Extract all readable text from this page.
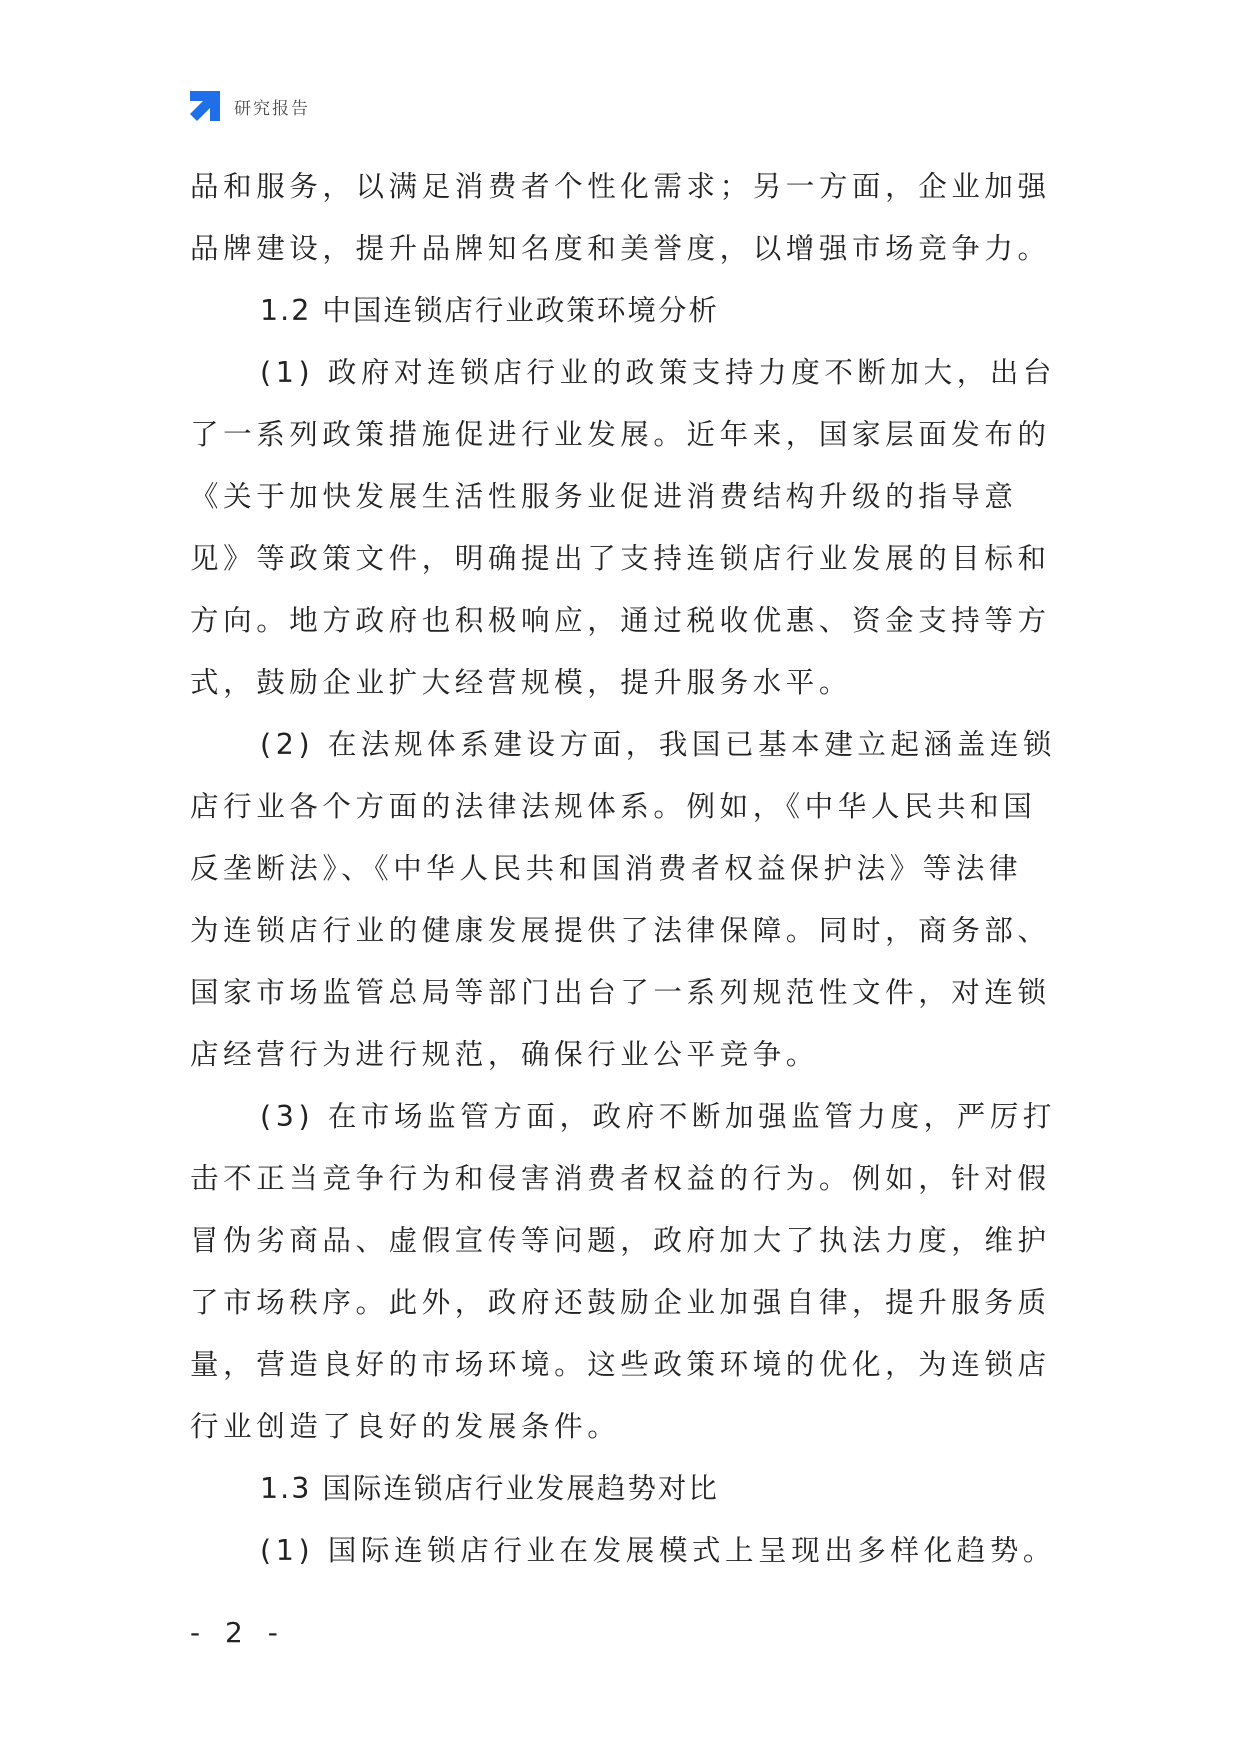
研究报告
品和服务，以满足消费者个性化需求；另一方面，企业加强
品牌建设，提升品牌知名度和美誉度，以增强市场竞争力。
1.2 中国连锁店行业政策环境分析
(1) 政府对连锁店行业的政策支持力度不断加大，出台
了一系列政策措施促进行业发展。近年来，国家层面发布的
《关于加快发展生活性服务业促进消费结构升级的指导意
见》等政策文件，明确提出了支持连锁店行业发展的目标和
方向。地方政府也积极响应，通过税收优惠、资金支持等方
式，鼓励企业扩大经营规模，提升服务水平。
(2) 在法规体系建设方面，我国已基本建立起涵盖连锁
店行业各个方面的法律法规体系。例如，《中华人民共和国
反垄断法》、《中华人民共和国消费者权益保护法》等法律
为连锁店行业的健康发展提供了法律保障。同时，商务部、
国家市场监管总局等部门出台了一系列规范性文件，对连锁
店经营行为进行规范，确保行业公平竞争。
(3) 在市场监管方面，政府不断加强监管力度，严厉打
击不正当竞争行为和侵害消费者权益的行为。例如，针对假
冒伪劣商品、虚假宣传等问题，政府加大了执法力度，维护
了市场秩序。此外，政府还鼓励企业加强自律，提升服务质
量，营造良好的市场环境。这些政策环境的优化，为连锁店
行业创造了良好的发展条件。
1.3 国际连锁店行业发展趋势对比
(1) 国际连锁店行业在发展模式上呈现出多样化趋势。
- 2 -
